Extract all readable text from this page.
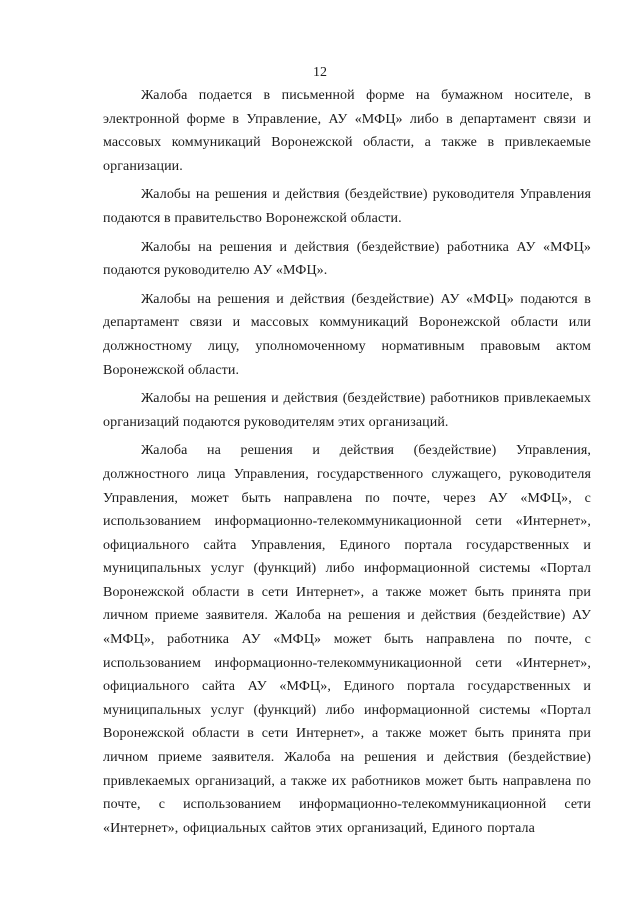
12

Жалоба подается в письменной форме на бумажном носителе, в электронной форме в Управление, АУ «МФЦ» либо в департамент связи и массовых коммуникаций Воронежской области, а также в привлекаемые организации.

Жалобы на решения и действия (бездействие) руководителя Управления подаются в правительство Воронежской области.

Жалобы на решения и действия (бездействие) работника АУ «МФЦ» подаются руководителю АУ «МФЦ».

Жалобы на решения и действия (бездействие) АУ «МФЦ» подаются в департамент связи и массовых коммуникаций Воронежской области или должностному лицу, уполномоченному нормативным правовым актом Воронежской области.

Жалобы на решения и действия (бездействие) работников привлекаемых организаций подаются руководителям этих организаций.

Жалоба на решения и действия (бездействие) Управления, должностного лица Управления, государственного служащего, руководителя Управления, может быть направлена по почте, через АУ «МФЦ», с использованием информационно-телекоммуникационной сети «Интернет», официального сайта Управления, Единого портала государственных и муниципальных услуг (функций) либо информационной системы «Портал Воронежской области в сети Интернет», а также может быть принята при личном приеме заявителя. Жалоба на решения и действия (бездействие) АУ «МФЦ», работника АУ «МФЦ» может быть направлена по почте, с использованием информационно-телекоммуникационной сети «Интернет», официального сайта АУ «МФЦ», Единого портала государственных и муниципальных услуг (функций) либо информационной системы «Портал Воронежской области в сети Интернет», а также может быть принята при личном приеме заявителя. Жалоба на решения и действия (бездействие) привлекаемых организаций, а также их работников может быть направлена по почте, с использованием информационно-телекоммуникационной сети «Интернет», официальных сайтов этих организаций, Единого портала
